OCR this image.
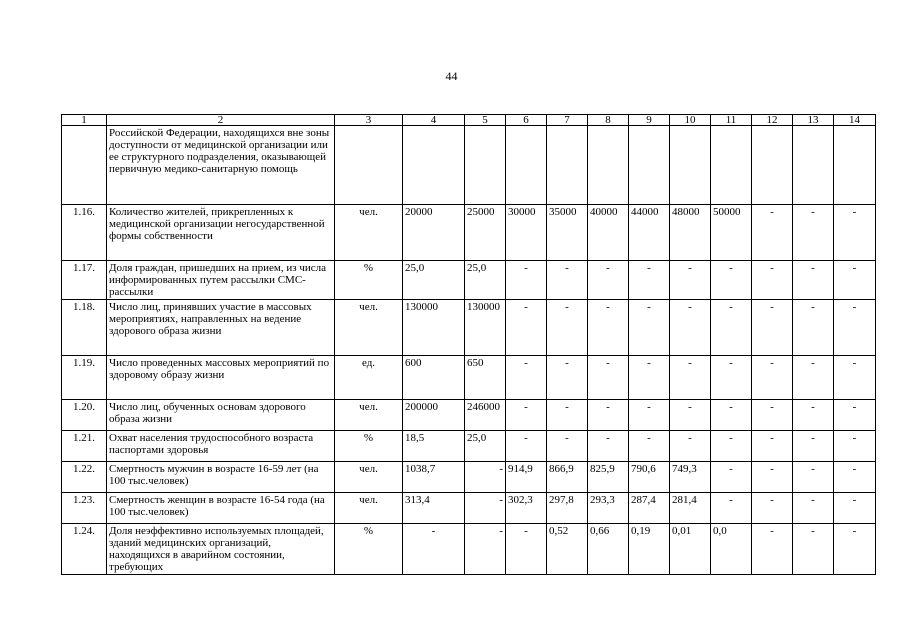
44
1	2	3	4	5	6	7	8	9	10	11	12	13	14
	Российской Федерации, находящихся вне зоны доступности от медицинской организации или ее структурного подразделения, оказывающей первичную медико-санитарную помощь												
1.16.	Количество жителей, прикрепленных к медицинской организации негосударственной формы собственности	чел.	20000	25000	30000	35000	40000	44000	48000	50000	-	-	-
1.17.	Доля граждан, пришедших на прием, из числа информированных путем рассылки СМС-рассылки	%	25,0	25,0	-	-	-	-	-	-	-	-	-
1.18.	Число лиц, принявших участие в массовых мероприятиях, направленных на ведение здорового образа жизни	чел.	130000	130000	-	-	-	-	-	-	-	-	-
1.19.	Число проведенных массовых мероприятий по здоровому образу жизни	ед.	600	650	-	-	-	-	-	-	-	-	-
1.20.	Число лиц, обученных основам здорового образа жизни	чел.	200000	246000	-	-	-	-	-	-	-	-	-
1.21.	Охват населения трудоспособного возраста паспортами здоровья	%	18,5	25,0	-	-	-	-	-	-	-	-	-
1.22.	Смертность мужчин в возрасте 16-59 лет (на 100 тыс.человек)	чел.	1038,7	-	914,9	866,9	825,9	790,6	749,3	-	-	-	-
1.23.	Смертность женщин в возрасте 16-54 года (на 100 тыс.человек)	чел.	313,4	-	302,3	297,8	293,3	287,4	281,4	-	-	-	-
1.24.	Доля неэффективно используемых площадей, зданий медицинских организаций, находящихся в аварийном состоянии, требующих	%	-	-	-	0,52	0,66	0,19	0,01	0,0	-	-	-
